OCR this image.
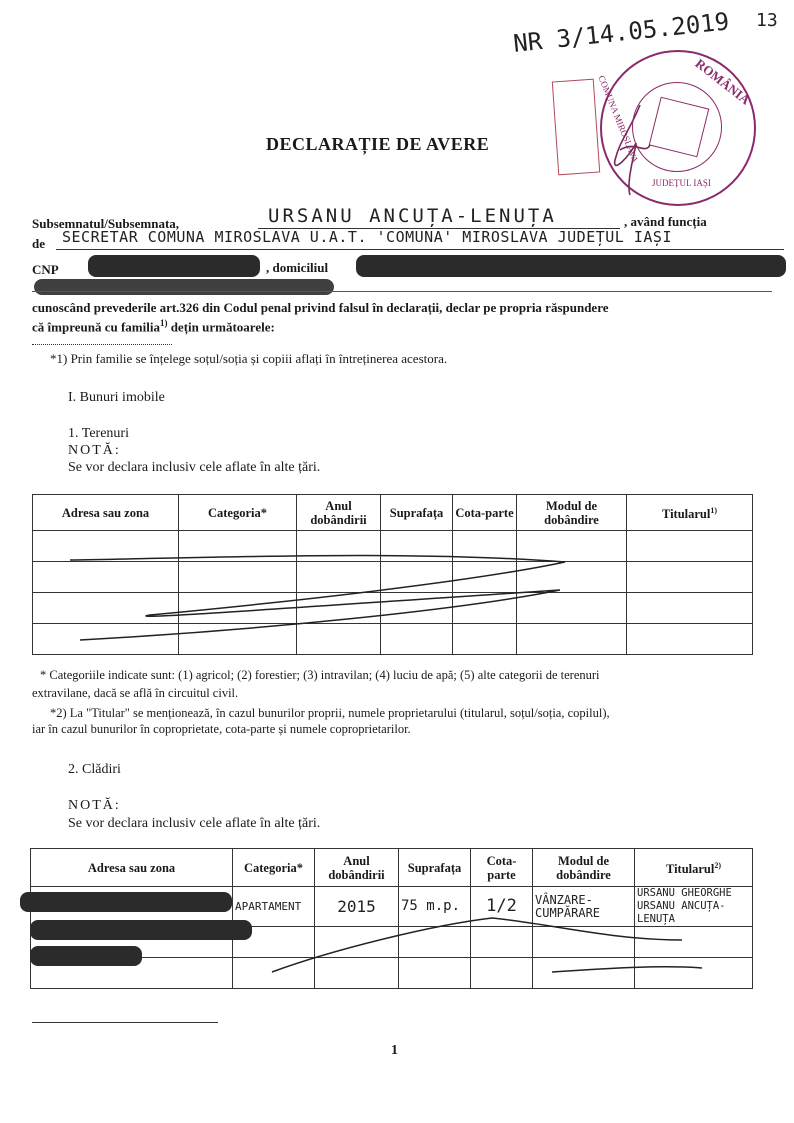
13
NR 3/14.05.2019
ROMÂNIA
COMUNA MIROSLAVA
JUDEȚUL IAȘI
DECLARAȚIE DE AVERE
Subsemnatul/Subsemnata,	URSANU ANCUȚA-LENUȚA	, având funcția
de SECRETAR COMUNA MIROSLAVA U.A.T. 'COMUNA' MIROSLAVA JUDEȚUL IAȘI
CNP	, domiciliul
cunoscând prevederile art.326 din Codul penal privind falsul în declarații, declar pe propria răspundere
că împreună cu familia$^{1)}$ dețin următoarele:
*1) Prin familie se înțelege soțul/soția și copiii aflați în întreținerea acestora.
I. Bunuri imobile
1. Terenuri
NOTĂ:
Se vor declara inclusiv cele aflate în alte țări.
Adresa sau zona	Categoria*	Anul dobândirii	Suprafața	Cota-parte	Modul de dobândire	Titularul$^{1)}$

* Categoriile indicate sunt: (1) agricol; (2) forestier; (3) intravilan; (4) luciu de apă; (5) alte categorii de terenuri
extravilane, dacă se află în circuitul civil.
*2) La "Titular" se menționează, în cazul bunurilor proprii, numele proprietarului (titularul, soțul/soția, copilul),
iar în cazul bunurilor în coproprietate, cota-parte și numele coproprietarilor.
2. Clădiri
NOTĂ:
Se vor declara inclusiv cele aflate în alte țări.
Adresa sau zona	Categoria*	Anul dobândirii	Suprafața	Cota-parte	Modul de dobândire	Titularul$^{2)}$
	APARTAMENT	2015	75 m.p.	1/2	VÂNZARE-CUMPĂRARE	URSANU GHEORGHE URSANU ANCUȚA-LENUȚA

1
